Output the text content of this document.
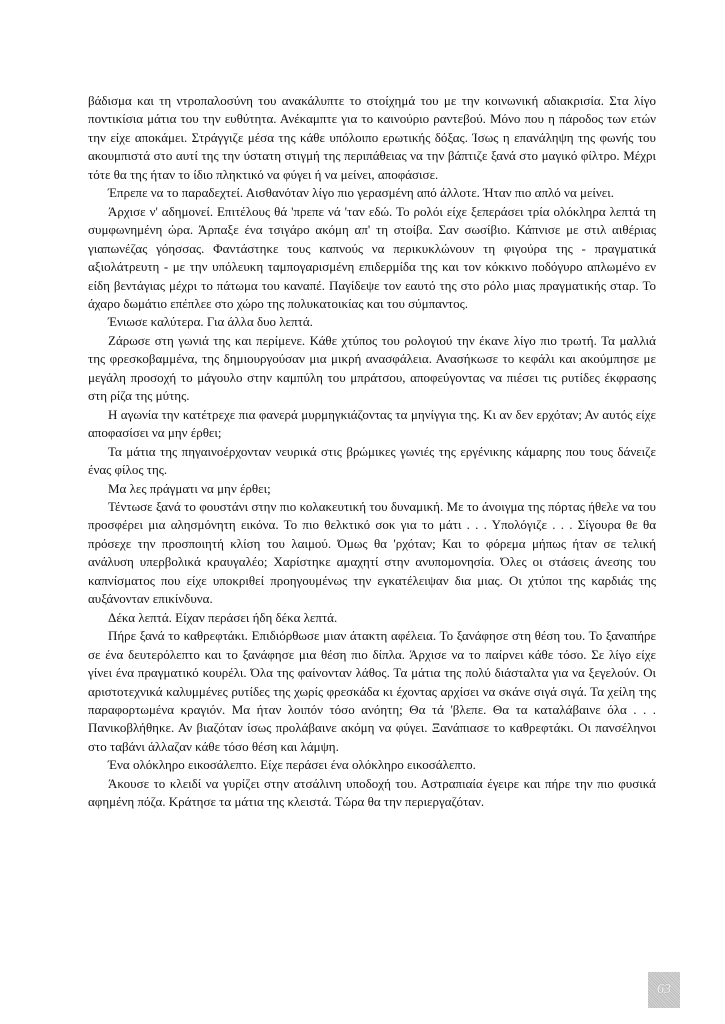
βάδισμα και τη ντροπαλοσύνη του ανακάλυπτε το στοίχημά του με την κοινωνική αδιακρισία. Στα λίγο ποντικίσια μάτια του την ευθύτητα. Ανέκαμπτε για το καινούριο ραντεβού. Μόνο που η πάροδος των ετών την είχε αποκάμει. Στράγγιζε μέσα της κάθε υπόλοιπο ερωτικής δόξας. Ίσως η επανάληψη της φωνής του ακουμπιστά στο αυτί της την ύστατη στιγμή της περιπάθειας να την βάπτιζε ξανά στο μαγικό φίλτρο. Μέχρι τότε θα της ήταν το ίδιο πληκτικό να φύγει ή να μείνει, αποφάσισε.

Έπρεπε να το παραδεχτεί. Αισθανόταν λίγο πιο γερασμένη από άλλοτε. Ήταν πιο απλό να μείνει.

Άρχισε ν' αδημονεί. Επιτέλους θά 'πρεπε νά 'ταν εδώ. Το ρολόι είχε ξεπεράσει τρία ολόκληρα λεπτά τη συμφωνημένη ώρα. Άρπαξε ένα τσιγάρο ακόμη απ' τη στοίβα. Σαν σωσίβιο. Κάπνισε με στιλ αιθέριας γιαπωνέζας γόησσας. Φαντάστηκε τους καπνούς να περικυκλώνουν τη φιγούρα της - πραγματικά αξιολάτρευτη - με την υπόλευκη ταμπογαρισμένη επιδερμίδα της και τον κόκκινο ποδόγυρο απλωμένο εν είδη βεντάγιας μέχρι το πάτωμα του καναπέ. Παγίδεψε τον εαυτό της στο ρόλο μιας πραγματικής σταρ. Το άχαρο δωμάτιο επέπλεε στο χώρο της πολυκατοικίας και του σύμπαντος.

Ένιωσε καλύτερα. Για άλλα δυο λεπτά.

Ζάρωσε στη γωνιά της και περίμενε. Κάθε χτύπος του ρολογιού την έκανε λίγο πιο τρωτή. Τα μαλλιά της φρεσκοβαμμένα, της δημιουργούσαν μια μικρή ανασφάλεια. Ανασήκωσε το κεφάλι και ακούμπησε με μεγάλη προσοχή το μάγουλο στην καμπύλη του μπράτσου, αποφεύγοντας να πιέσει τις ρυτίδες έκφρασης στη ρίζα της μύτης.

Η αγωνία την κατέτρεχε πια φανερά μυρμηγκιάζοντας τα μηνίγγια της. Κι αν δεν ερχόταν; Αν αυτός είχε αποφασίσει να μην έρθει;

Τα μάτια της πηγαινοέρχονταν νευρικά στις βρώμικες γωνιές της εργένικης κάμαρης που τους δάνειζε ένας φίλος της.

Μα λες πράγματι να μην έρθει;

Τέντωσε ξανά το φουστάνι στην πιο κολακευτική του δυναμική. Με το άνοιγμα της πόρτας ήθελε να του προσφέρει μια αλησμόνητη εικόνα. Το πιο θελκτικό σοκ για το μάτι . . . Υπολόγιζε . . . Σίγουρα θε θα πρόσεχε την προσποιητή κλίση του λαιμού. Όμως θα 'ρχόταν; Και το φόρεμα μήπως ήταν σε τελική ανάλυση υπερβολικά κραυγαλέο; Χαρίστηκε αμαχητί στην ανυπομονησία. Όλες οι στάσεις άνεσης του καπνίσματος που είχε υποκριθεί προηγουμένως την εγκατέλειψαν δια μιας. Οι χτύποι της καρδιάς της αυξάνονταν επικίνδυνα.

Δέκα λεπτά. Είχαν περάσει ήδη δέκα λεπτά.

Πήρε ξανά το καθρεφτάκι. Επιδιόρθωσε μιαν άτακτη αφέλεια. Το ξανάφησε στη θέση του. Το ξαναπήρε σε ένα δευτερόλεπτο και το ξανάφησε μια θέση πιο δίπλα. Άρχισε να το παίρνει κάθε τόσο. Σε λίγο είχε γίνει ένα πραγματικό κουρέλι. Όλα της φαίνονταν λάθος. Τα μάτια της πολύ διάσταλτα για να ξεγελούν. Οι αριστοτεχνικά καλυμμένες ρυτίδες της χωρίς φρεσκάδα κι έχοντας αρχίσει να σκάνε σιγά σιγά. Τα χείλη της παραφορτωμένα κραγιόν. Μα ήταν λοιπόν τόσο ανόητη; Θα τά 'βλεπε. Θα τα καταλάβαινε όλα . . . Πανικοβλήθηκε. Αν βιαζόταν ίσως προλάβαινε ακόμη να φύγει. Ξανάπιασε το καθρεφτάκι. Οι πανσέληνοι στο ταβάνι άλλαζαν κάθε τόσο θέση και λάμψη.

Ένα ολόκληρο εικοσάλεπτο. Είχε περάσει ένα ολόκληρο εικοσάλεπτο.

Άκουσε το κλειδί να γυρίζει στην ατσάλινη υποδοχή του. Αστραπιαία έγειρε και πήρε την πιο φυσικά αφημένη πόζα. Κράτησε τα μάτια της κλειστά. Τώρα θα την περιεργαζόταν.

63
